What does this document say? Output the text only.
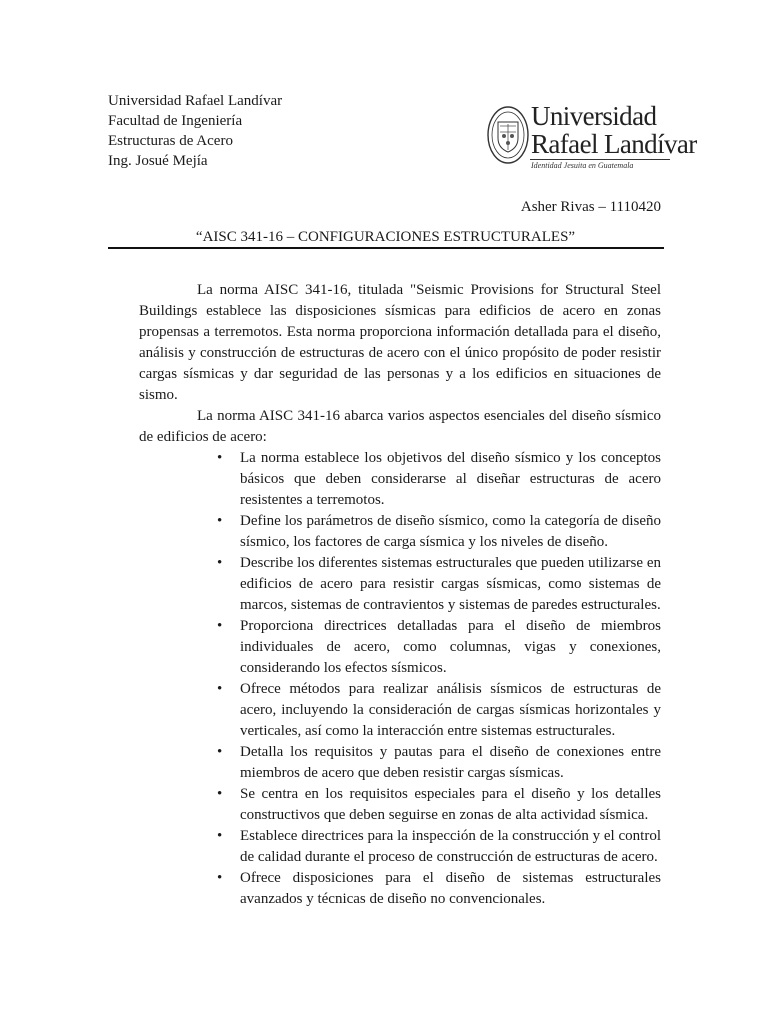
Universidad Rafael Landívar
Facultad de Ingeniería
Estructuras de Acero
Ing. Josué Mejía
Universidad
Rafael Landívar
Identidad Jesuita en Guatemala
Asher Rivas – 1110420
“AISC 341-16 – CONFIGURACIONES ESTRUCTURALES”

La norma AISC 341-16, titulada "Seismic Provisions for Structural Steel Buildings establece las disposiciones sísmicas para edificios de acero en zonas propensas a terremotos. Esta norma proporciona información detallada para el diseño, análisis y construcción de estructuras de acero con el único propósito de poder resistir cargas sísmicas y dar seguridad de las personas y a los edificios en situaciones de sismo.

La norma AISC 341-16 abarca varios aspectos esenciales del diseño sísmico de edificios de acero:

• La norma establece los objetivos del diseño sísmico y los conceptos básicos que deben considerarse al diseñar estructuras de acero resistentes a terremotos.
• Define los parámetros de diseño sísmico, como la categoría de diseño sísmico, los factores de carga sísmica y los niveles de diseño.
• Describe los diferentes sistemas estructurales que pueden utilizarse en edificios de acero para resistir cargas sísmicas, como sistemas de marcos, sistemas de contravientos y sistemas de paredes estructurales.
• Proporciona directrices detalladas para el diseño de miembros individuales de acero, como columnas, vigas y conexiones, considerando los efectos sísmicos.
• Ofrece métodos para realizar análisis sísmicos de estructuras de acero, incluyendo la consideración de cargas sísmicas horizontales y verticales, así como la interacción entre sistemas estructurales.
• Detalla los requisitos y pautas para el diseño de conexiones entre miembros de acero que deben resistir cargas sísmicas.
• Se centra en los requisitos especiales para el diseño y los detalles constructivos que deben seguirse en zonas de alta actividad sísmica.
• Establece directrices para la inspección de la construcción y el control de calidad durante el proceso de construcción de estructuras de acero.
• Ofrece disposiciones para el diseño de sistemas estructurales avanzados y técnicas de diseño no convencionales.
